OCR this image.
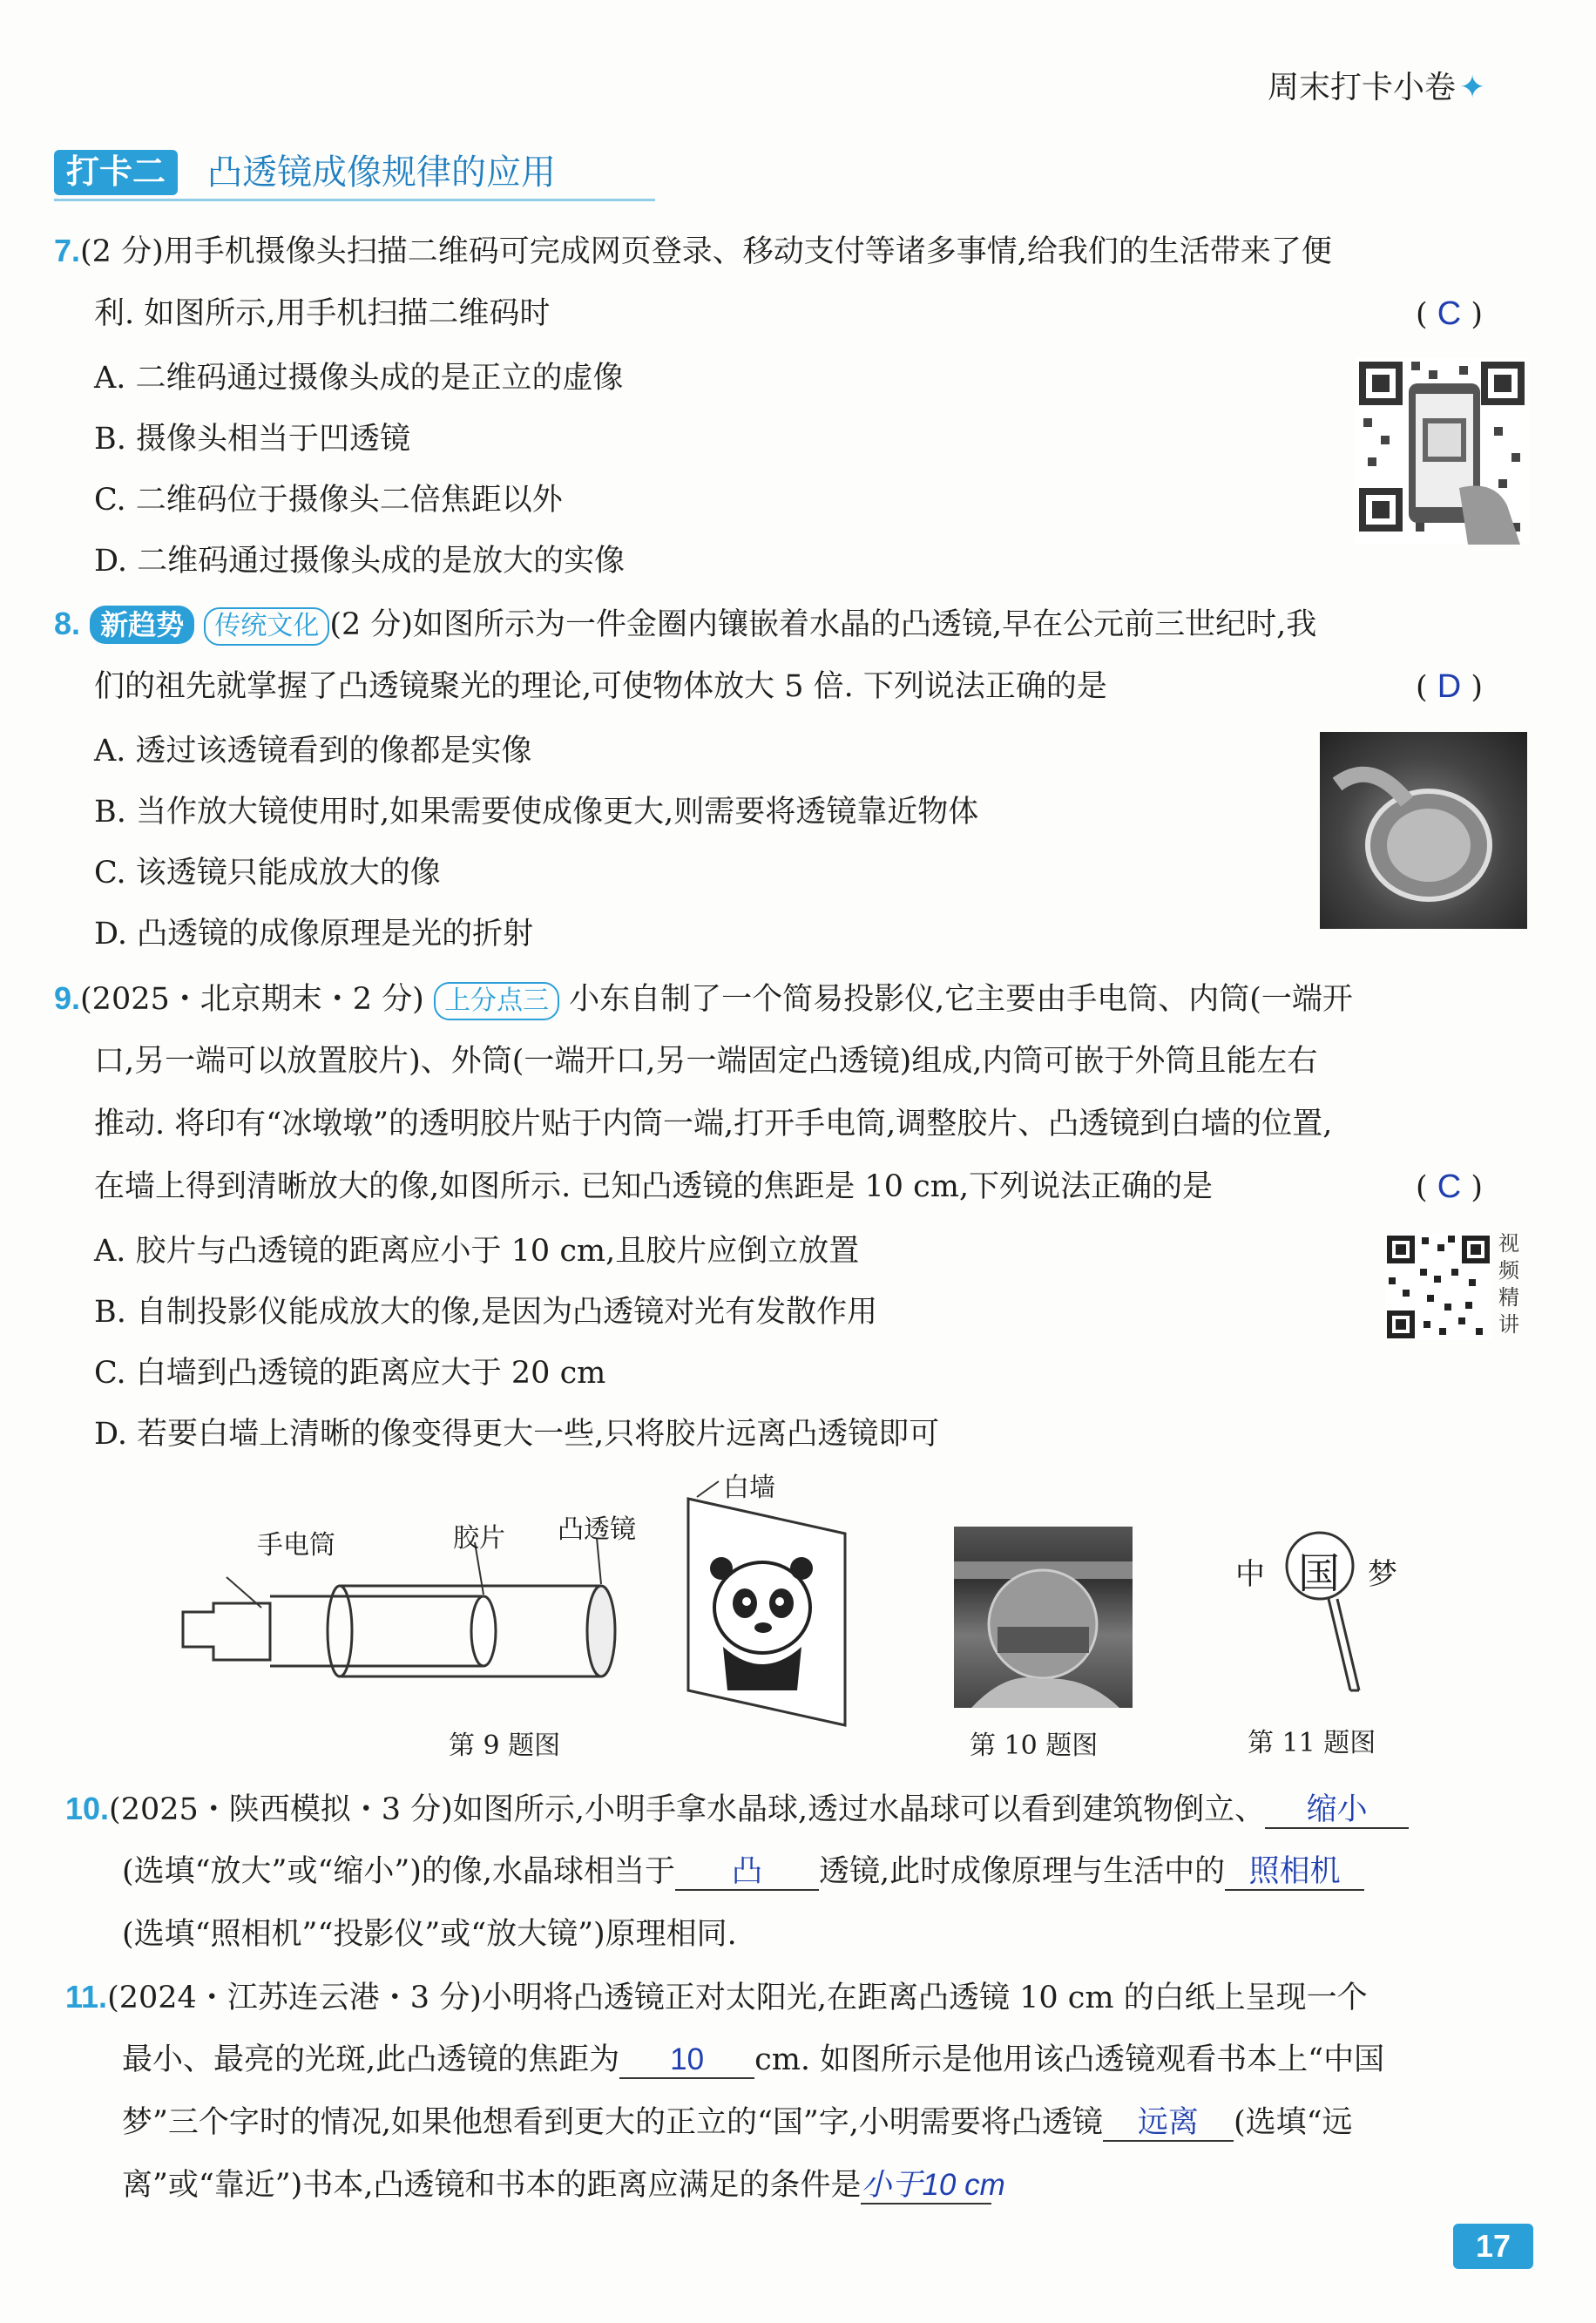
周末打卡小卷 ✦
打卡二	凸透镜成像规律的应用
7.(2 分)用手机摄像头扫描二维码可完成网页登录、移动支付等诸多事情,给我们的生活带来了便
利. 如图所示,用手机扫描二维码时	( C )
A. 二维码通过摄像头成的是正立的虚像
B. 摄像头相当于凹透镜
C. 二维码位于摄像头二倍焦距以外
D. 二维码通过摄像头成的是放大的实像
8. 新趋势 传统文化 (2 分)如图所示为一件金圈内镶嵌着水晶的凸透镜,早在公元前三世纪时,我
们的祖先就掌握了凸透镜聚光的理论,可使物体放大 5 倍. 下列说法正确的是	( D )
A. 透过该透镜看到的像都是实像
B. 当作放大镜使用时,如果需要使成像更大,则需要将透镜靠近物体
C. 该透镜只能成放大的像
D. 凸透镜的成像原理是光的折射
9.(2025・北京期末・2 分) 上分点三 小东自制了一个简易投影仪,它主要由手电筒、内筒(一端开
口,另一端可以放置胶片)、外筒(一端开口,另一端固定凸透镜)组成,内筒可嵌于外筒且能左右
推动. 将印有“冰墩墩”的透明胶片贴于内筒一端,打开手电筒,调整胶片、凸透镜到白墙的位置,
在墙上得到清晰放大的像,如图所示. 已知凸透镜的焦距是 10 cm,下列说法正确的是	( C )
A. 胶片与凸透镜的距离应小于 10 cm,且胶片应倒立放置
B. 自制投影仪能成放大的像,是因为凸透镜对光有发散作用
C. 白墙到凸透镜的距离应大于 20 cm
D. 若要白墙上清晰的像变得更大一些,只将胶片远离凸透镜即可
视
频
精
讲
手电筒	胶片 凸透镜
白墙
第 9 题图	第 10 题图
中 国 梦
第 11 题图
10.(2025・陕西模拟・3 分)如图所示,小明手拿水晶球,透过水晶球可以看到建筑物倒立、 缩小
(选填“放大”或“缩小”)的像,水晶球相当于 凸 透镜,此时成像原理与生活中的 照相机
(选填“照相机”“投影仪”或“放大镜”)原理相同.
11.(2024・江苏连云港・3 分)小明将凸透镜正对太阳光,在距离凸透镜 10 cm 的白纸上呈现一个
最小、最亮的光斑,此凸透镜的焦距为 10 cm. 如图所示是他用该凸透镜观看书本上“中国
梦”三个字时的情况,如果他想看到更大的正立的“国”字,小明需要将凸透镜 远离 (选填“远
离”或“靠近”)书本,凸透镜和书本的距离应满足的条件是小于10 cm
17
